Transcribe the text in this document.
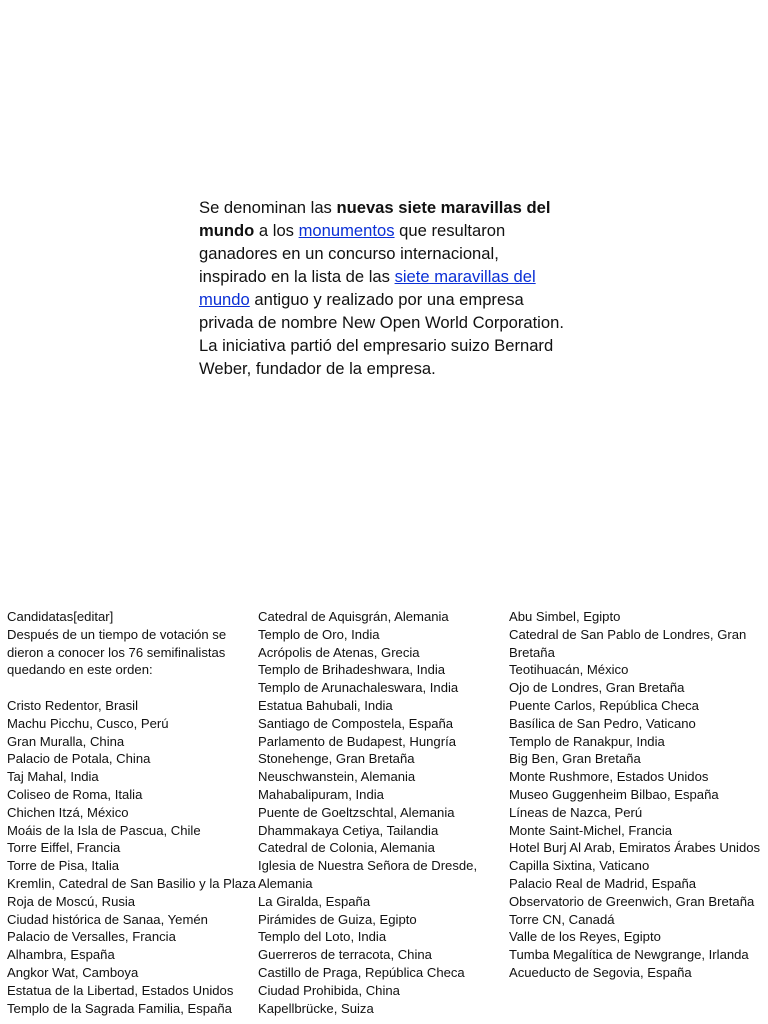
Se denominan las nuevas siete maravillas del mundo a los monumentos que resultaron ganadores en un concurso internacional, inspirado en la lista de las siete maravillas del mundo antiguo y realizado por una empresa privada de nombre New Open World Corporation. La iniciativa partió del empresario suizo Bernard Weber, fundador de la empresa.

Candidatas[editar]
Después de un tiempo de votación se dieron a conocer los 76 semifinalistas quedando en este orden:
Cristo Redentor, Brasil
Machu Picchu, Cusco, Perú
Gran Muralla, China
Palacio de Potala, China
Taj Mahal, India
Coliseo de Roma, Italia
Chichen Itzá, México
Moáis de la Isla de Pascua, Chile
Torre Eiffel, Francia
Torre de Pisa, Italia
Kremlin, Catedral de San Basilio y la Plaza Roja de Moscú, Rusia
Ciudad histórica de Sanaa, Yemén
Palacio de Versalles, Francia
Alhambra, España
Angkor Wat, Camboya
Estatua de la Libertad, Estados Unidos
Templo de la Sagrada Familia, España
Catedral de Aquisgrán, Alemania
Templo de Oro, India
Acrópolis de Atenas, Grecia
Templo de Brihadeshwara, India
Templo de Arunachaleswara, India
Estatua Bahubali, India
Santiago de Compostela, España
Parlamento de Budapest, Hungría
Stonehenge, Gran Bretaña
Neuschwanstein, Alemania
Mahabalipuram, India
Puente de Goeltzschtal, Alemania
Dhammakaya Cetiya, Tailandia
Catedral de Colonia, Alemania
Iglesia de Nuestra Señora de Dresde, Alemania
La Giralda, España
Pirámides de Guiza, Egipto
Templo del Loto, India
Guerreros de terracota, China
Castillo de Praga, República Checa
Ciudad Prohibida, China
Kapellbrücke, Suiza
Abu Simbel, Egipto
Catedral de San Pablo de Londres, Gran Bretaña
Teotihuacán, México
Ojo de Londres, Gran Bretaña
Puente Carlos, República Checa
Basílica de San Pedro, Vaticano
Templo de Ranakpur, India
Big Ben, Gran Bretaña
Monte Rushmore, Estados Unidos
Museo Guggenheim Bilbao, España
Líneas de Nazca, Perú
Monte Saint-Michel, Francia
Hotel Burj Al Arab, Emiratos Árabes Unidos
Capilla Sixtina, Vaticano
Palacio Real de Madrid, España
Observatorio de Greenwich, Gran Bretaña
Torre CN, Canadá
Valle de los Reyes, Egipto
Tumba Megalítica de Newgrange, Irlanda
Acueducto de Segovia, España
